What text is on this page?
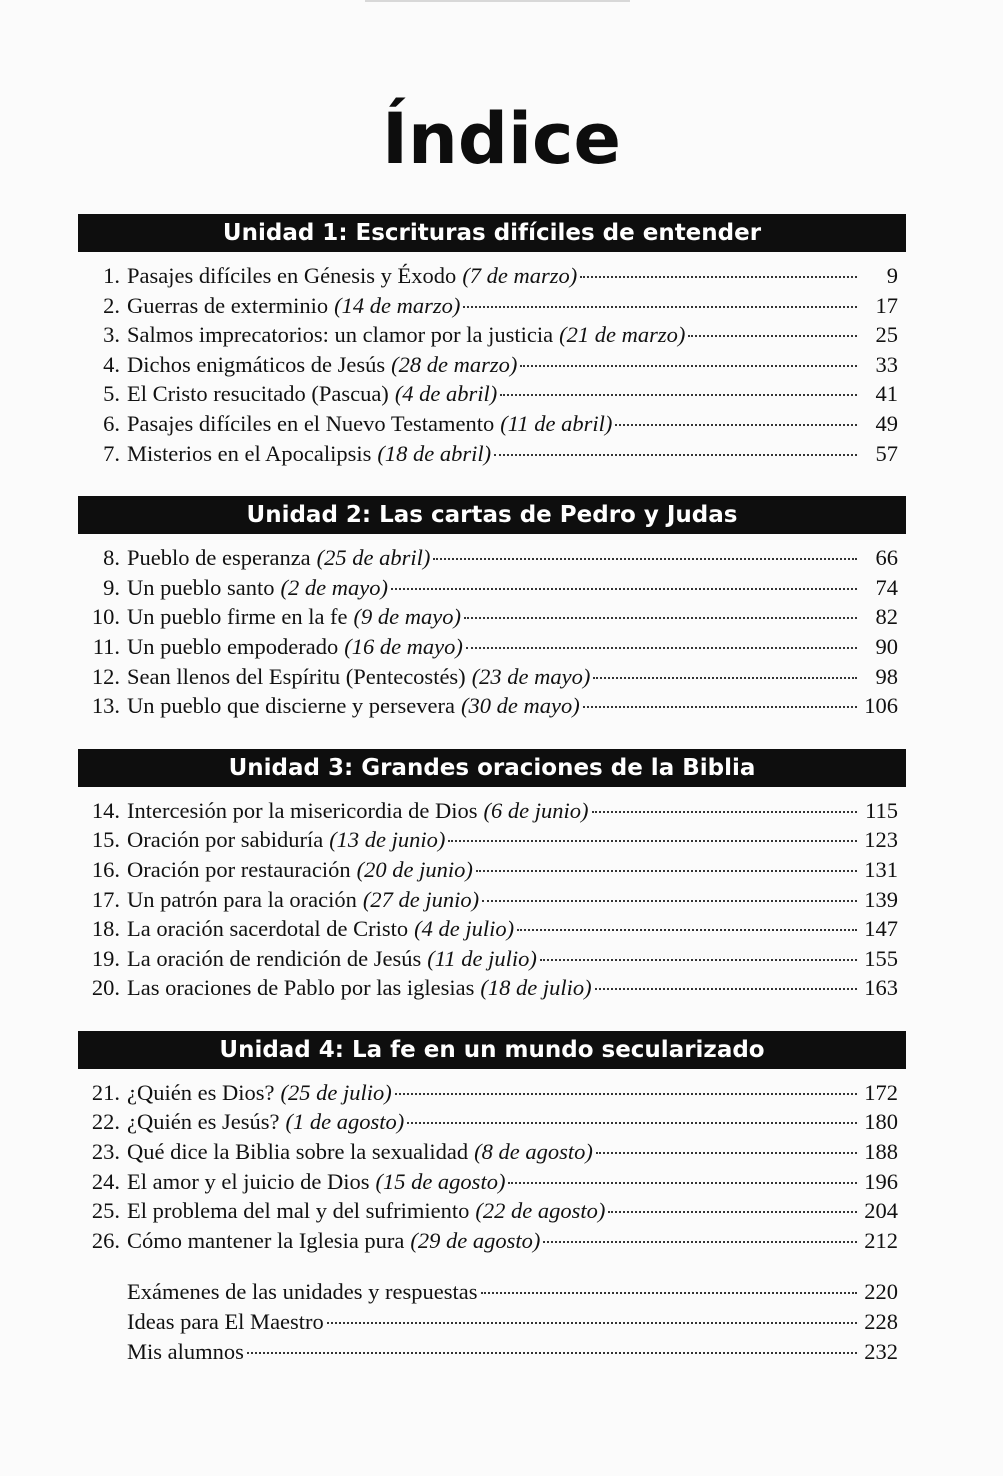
Índice
Unidad 1: Escrituras difíciles de entender
1. Pasajes difíciles en Génesis y Éxodo (7 de marzo)	9
2. Guerras de exterminio (14 de marzo)	17
3. Salmos imprecatorios: un clamor por la justicia (21 de marzo)	25
4. Dichos enigmáticos de Jesús (28 de marzo)	33
5. El Cristo resucitado (Pascua) (4 de abril)	41
6. Pasajes difíciles en el Nuevo Testamento (11 de abril)	49
7. Misterios en el Apocalipsis (18 de abril)	57
Unidad 2: Las cartas de Pedro y Judas
8. Pueblo de esperanza (25 de abril)	66
9. Un pueblo santo (2 de mayo)	74
10. Un pueblo firme en la fe (9 de mayo)	82
11. Un pueblo empoderado (16 de mayo)	90
12. Sean llenos del Espíritu (Pentecostés) (23 de mayo)	98
13. Un pueblo que discierne y persevera (30 de mayo)	106
Unidad 3: Grandes oraciones de la Biblia
14. Intercesión por la misericordia de Dios (6 de junio)	115
15. Oración por sabiduría (13 de junio)	123
16. Oración por restauración (20 de junio)	131
17. Un patrón para la oración (27 de junio)	139
18. La oración sacerdotal de Cristo (4 de julio)	147
19. La oración de rendición de Jesús (11 de julio)	155
20. Las oraciones de Pablo por las iglesias (18 de julio)	163
Unidad 4: La fe en un mundo secularizado
21. ¿Quién es Dios? (25 de julio)	172
22. ¿Quién es Jesús? (1 de agosto)	180
23. Qué dice la Biblia sobre la sexualidad (8 de agosto)	188
24. El amor y el juicio de Dios (15 de agosto)	196
25. El problema del mal y del sufrimiento (22 de agosto)	204
26. Cómo mantener la Iglesia pura (29 de agosto)	212
Exámenes de las unidades y respuestas	220
Ideas para El Maestro	228
Mis alumnos	232
